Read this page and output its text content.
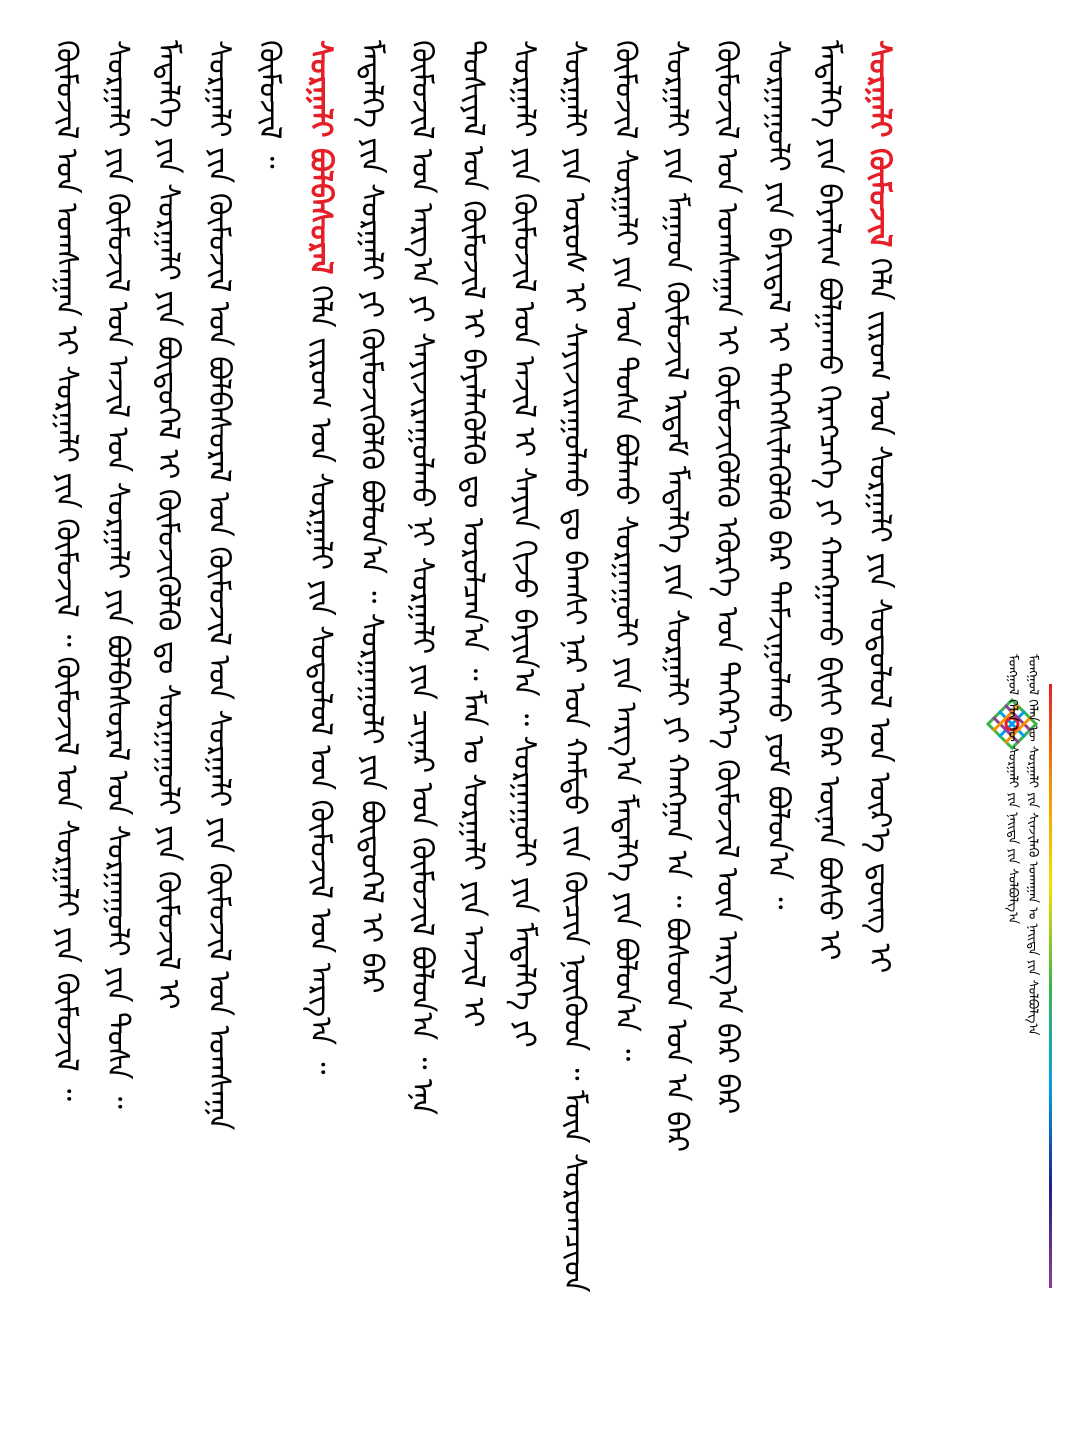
ᠮᠣᠩᠭᠣᠯ ᠬᠡᠯᠡᠨ ᠦ ᠰᠤᠷᠭᠠᠯᠢ ᠶᠢᠨ ᠨᠡᠢᠲᠡ ᠶᠢᠨ ᠰᠤᠯᠪᠤᠯᠭ᠎ᠠ ᠮᠣᠩᠭᠣᠯ ᠬᠡᠯᠡᠨ ᠦ ᠰᠤᠷᠭᠠᠯᠢ ᠶᠢᠨ ᠰᠢᠨᠵᠢᠯᠡᠬᠦ ᠤᠬᠠᠭᠠᠨ ᠤ ᠨᠡᠢᠲᠡ ᠶᠢᠨ ᠰᠤᠯᠪᠤᠯᠭ᠎ᠠ
ᠰᠤᠷᠭᠠᠯᠢ ᠬᠦᠮᠦᠵᠢᠯ ᠬᠡᠯᠡ ᠵᠢᠷᠤᠭ ᠤᠨ ᠰᠤᠷᠭᠠᠯᠢ ᠶᠢᠨ ᠰᠤᠳᠤᠯᠤᠯ ᠤᠨ ᠦᠷ᠎ᠡ ᠳ᠋ᠦᠩ ᠢ
ᠮᠡᠳᠡᠯᠭᠡ ᠶᠢᠨ ᠪᠠᠶᠠᠯᠢᠭ ᠪᠣᠯᠭᠠᠬᠤ ᠬᠡᠷᠡᠭᠴᠡᠭᠡ ᠶᠢ ᠬᠠᠩᠭᠠᠬᠤ ᠪᠢᠰᠢ ᠪᠠᠷ ᠦᠨᠡᠨ ᠪᠤᠰᠤ ᠢ
ᠰᠤᠷᠭᠠᠭᠤᠯᠢ ᠶᠢᠨ ᠪᠠᠶᠢᠳᠠᠯ ᠢ ᠳᠡᠭᠡᠭᠰᠢᠯᠡᠭᠦᠯᠬᠦ ᠪᠠᠷ ᠳᠠᠮᠵᠢᠭᠤᠯᠬᠤ ᠶᠤᠮ ᠪᠣᠯᠤᠨ᠎ᠠ ᠃
ᠬᠦᠮᠦᠵᠢᠯ ᠤᠨ ᠤᠭᠰᠠᠭᠠᠨ ᠢ ᠬᠦᠮᠦᠵᠢᠭᠦᠯᠬᠦ ᠡᠭᠦᠷᠭᠡ ᠤᠨ ᠳᠡᠭᠡᠷ᠎ᠡ ᠬᠦᠮᠦᠵᠢᠯ ᠦᠨ ᠠᠷᠭ᠎ᠠ ᠪᠠᠷ ᠪᠠᠷ
ᠰᠤᠷᠭᠠᠯᠢ ᠶᠢᠨ ᠮᠠᠭᠠᠳ ᠬᠦᠮᠦᠵᠢᠯ ᠡᠷᠳᠡᠮ ᠮᠡᠳᠡᠯᠭᠡ ᠶᠢᠨ ᠰᠤᠷᠭᠠᠯᠢ ᠶᠢ ᠬᠠᠩᠭᠠᠨ ᠠ ᠃ ᠪᠤᠰᠤᠳ ᠤᠨ ᠠ ᠪᠠᠷ
ᠬᠦᠮᠦᠵᠢᠯ ᠰᠤᠷᠭᠠᠯᠢ ᠶᠢᠨ ᠤᠨ ᠲᠤᠰᠠ ᠪᠣᠯᠬᠤ ᠰᠤᠷᠭᠠᠭᠤᠯᠢ ᠶᠢᠨ ᠠᠷᠭ᠎ᠠ ᠮᠡᠳᠡᠯᠭᠡ ᠶᠢᠨ ᠪᠣᠯᠤᠨ᠎ᠠ ᠃
ᠰᠤᠷᠭᠠᠯᠢ ᠶᠢᠨ ᠤᠷᠤᠰ ᠢ ᠰᠠᠶᠢᠵᠢᠷᠠᠭᠤᠯᠬᠤ ᠳᠤ ᠪᠠᠭᠰᠢ ᠨᠠᠷ ᠤᠨ ᠬᠠᠮᠲᠤ ᠵᠢᠨ ᠬᠦᠴᠢᠨ ᠨᠦᠭᠦᠳ ᠃ ᠮᠦᠨ ᠰᠤᠷᠤᠭᠴᠢᠳ
ᠰᠤᠷᠭᠠᠯᠢ ᠶᠢᠨ ᠬᠦᠮᠦᠵᠢᠯ ᠤᠨ ᠠᠵᠢᠯ ᠢ ᠰᠠᠶᠢᠨ ᠬᠢᠵᠦ ᠪᠠᠶᠢᠨ᠎ᠠ ᠃ ᠰᠤᠷᠭᠠᠭᠤᠯᠢ ᠶᠢᠨ ᠮᠡᠳᠡᠯᠭᠡ ᠶᠢ
ᠲᠤᠰᠢᠶᠠᠯ ᠤᠨ ᠬᠦᠮᠦᠵᠢᠯ ᠢ ᠪᠡᠶᠡᠯᠡᠭᠦᠯᠬᠦ ᠳᠤ ᠤᠷᠤᠯᠴᠠᠨ᠎ᠠ ᠃ ᠮᠠᠨ ᠤ ᠰᠤᠷᠭᠠᠯᠢ ᠶᠢᠨ ᠠᠵᠢᠯ ᠢ
ᠬᠦᠮᠦᠵᠢᠯ ᠤᠨ ᠠᠷᠭ᠎ᠠ ᠶᠢ ᠰᠠᠶᠢᠵᠢᠷᠠᠭᠤᠯᠬᠤ ᠨᠢ ᠰᠤᠷᠭᠠᠯᠢ ᠶᠢᠨ ᠴᠢᠨᠠᠷ ᠤᠨ ᠬᠦᠮᠦᠵᠢᠯ ᠪᠣᠯᠤᠨ᠎ᠠ ᠃ ᠡᠨᠡ
ᠮᠡᠳᠡᠯᠭᠡ ᠶᠢᠨ ᠰᠤᠷᠭᠠᠯᠢ ᠶᠢ ᠬᠦᠮᠦᠵᠢᠭᠦᠯᠬᠦ ᠪᠣᠯᠤᠨ᠎ᠠ ᠃ ᠰᠤᠷᠭᠠᠭᠤᠯᠢ ᠶᠢᠨ ᠪᠦᠲᠦᠭᠡᠯ ᠢ ᠪᠠᠷ
ᠰᠤᠷᠭᠠᠯᠢ ᠪᠣᠯᠪᠠᠰᠤᠷᠠᠯ ᠬᠡᠯᠡ ᠵᠢᠷᠤᠭ ᠤᠨ ᠰᠤᠷᠭᠠᠯᠢ ᠶᠢᠨ ᠰᠤᠳᠤᠯᠤᠯ ᠤᠨ ᠬᠦᠮᠦᠵᠢᠯ ᠤᠨ ᠠᠷᠭ᠎ᠠ ᠃
ᠬᠦᠮᠦᠵᠢᠯ ᠃
ᠰᠤᠷᠭᠠᠯᠢ ᠶᠢᠨ ᠬᠦᠮᠦᠵᠢᠯ ᠤᠨ ᠪᠣᠯᠪᠠᠰᠤᠷᠠᠯ ᠤᠨ ᠬᠦᠮᠦᠵᠢᠯ ᠤᠨ ᠰᠤᠷᠭᠠᠯᠢ ᠶᠢᠨ ᠬᠦᠮᠦᠵᠢᠯ ᠤᠨ ᠤᠭᠰᠠᠭᠠ
ᠮᠡᠳᠡᠯᠭᠡ ᠶᠢᠨ ᠰᠤᠷᠭᠠᠯᠢ ᠶᠢᠨ ᠪᠦᠲᠦᠭᠡᠯ ᠢ ᠬᠦᠮᠦᠵᠢᠭᠦᠯᠬᠦ ᠳᠤ ᠰᠤᠷᠭᠠᠭᠤᠯᠢ ᠶᠢᠨ ᠬᠦᠮᠦᠵᠢᠯ ᠢ
ᠰᠤᠷᠭᠠᠯᠢ ᠶᠢᠨ ᠬᠦᠮᠦᠵᠢᠯ ᠤᠨ ᠠᠵᠢᠯ ᠤᠨ ᠰᠤᠷᠭᠠᠯᠢ ᠶᠢᠨ ᠪᠣᠯᠪᠠᠰᠤᠷᠠᠯ ᠤᠨ ᠰᠤᠷᠭᠠᠭᠤᠯᠢ ᠶᠢᠨ ᠲᠤᠰᠠ ᠃
ᠬᠦᠮᠦᠵᠢᠯ ᠤᠨ ᠤᠭᠰᠠᠭᠠᠨ ᠢ ᠰᠤᠷᠭᠠᠯᠢ ᠶᠢᠨ ᠬᠦᠮᠦᠵᠢᠯ ᠃ ᠬᠦᠮᠦᠵᠢᠯ ᠤᠨ ᠰᠤᠷᠭᠠᠯᠢ ᠶᠢᠨ ᠬᠦᠮᠦᠵᠢᠯ ᠃
